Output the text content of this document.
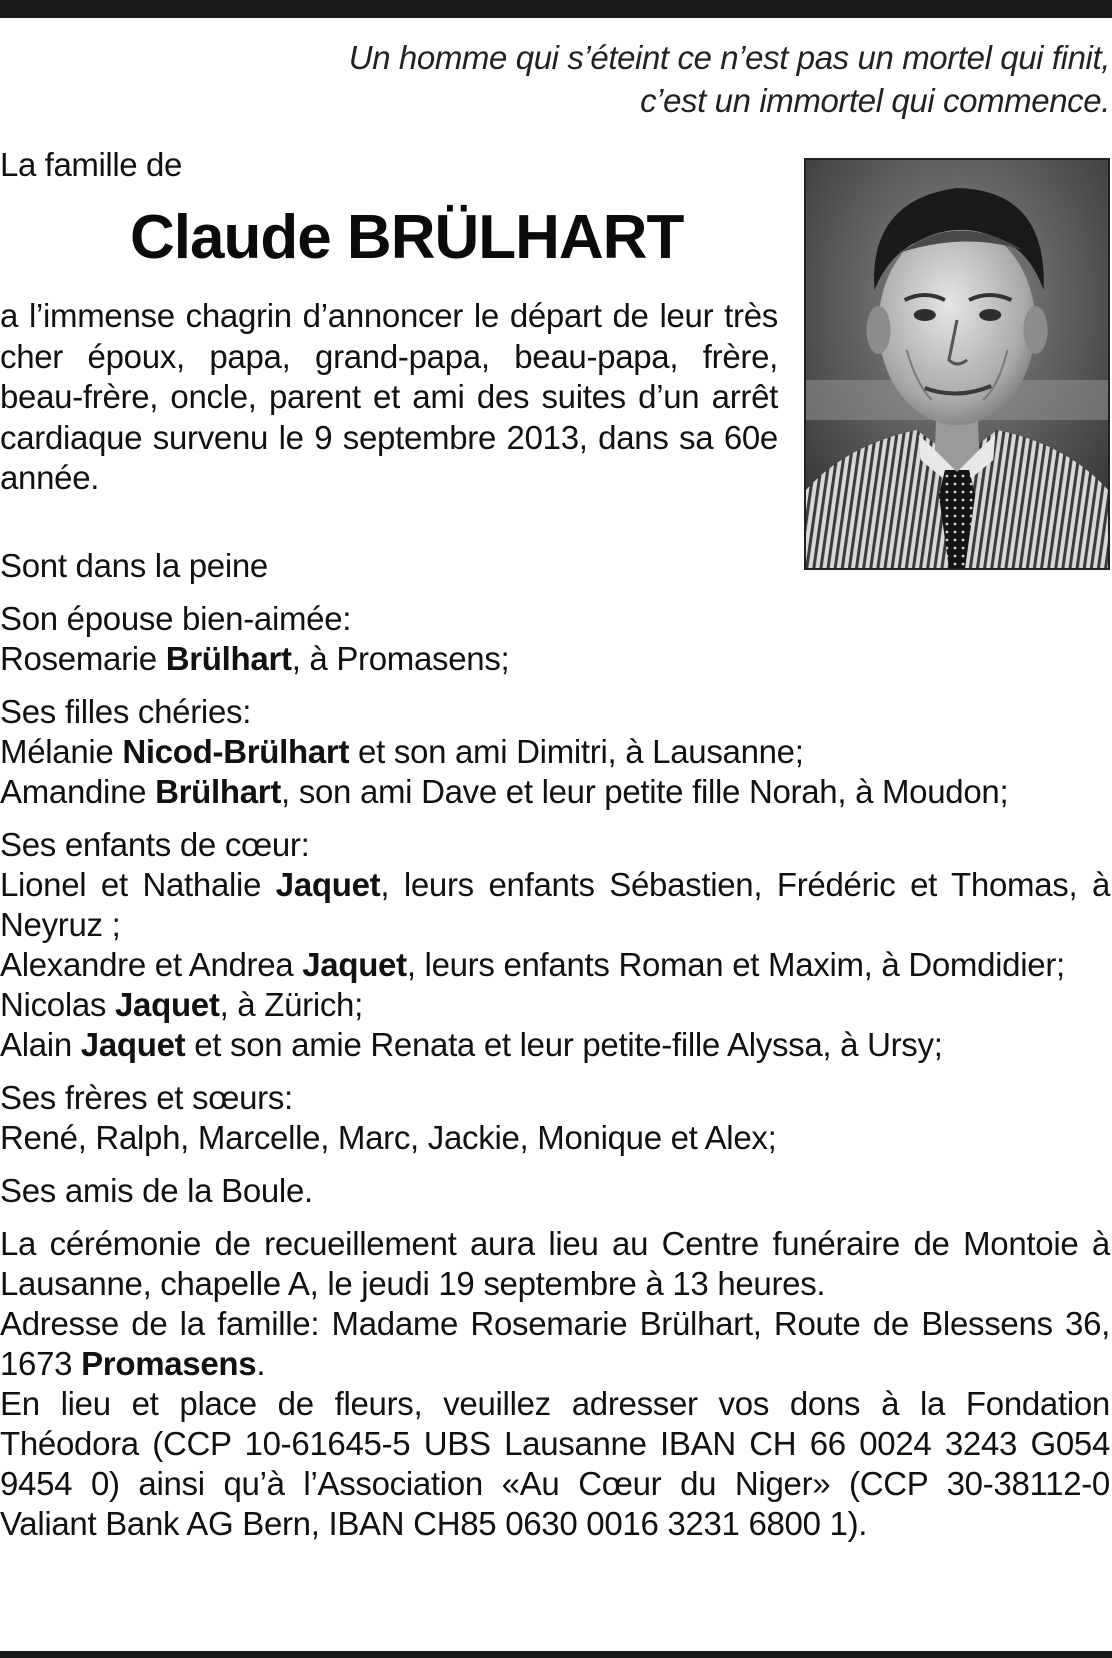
Un homme qui s’éteint ce n’est pas un mortel qui finit,
c’est un immortel qui commence.
La famille de
Claude BRÜLHART
a l’immense chagrin d’annoncer le départ de leur très cher époux, papa, grand-papa, beau-papa, frère, beau-frère, oncle, parent et ami des suites d’un arrêt cardiaque survenu le 9 septembre 2013, dans sa 60e année.

Sont dans la peine

Son épouse bien-aimée:

Rosemarie Brülhart, à Promasens;

Ses filles chéries:

Mélanie Nicod-Brülhart et son ami Dimitri, à Lausanne;

Amandine Brülhart, son ami Dave et leur petite fille Norah, à Moudon;

Ses enfants de cœur:

Lionel et Nathalie Jaquet, leurs enfants Sébastien, Frédéric et Thomas, à Neyruz ;

Alexandre et Andrea Jaquet, leurs enfants Roman et Maxim, à Domdidier;

Nicolas Jaquet, à Zürich;

Alain Jaquet et son amie Renata et leur petite-fille Alyssa, à Ursy;

Ses frères et sœurs:

René, Ralph, Marcelle, Marc, Jackie, Monique et Alex;

Ses amis de la Boule.

La cérémonie de recueillement aura lieu au Centre funéraire de Montoie à Lausanne, chapelle A, le jeudi 19 septembre à 13 heures.

Adresse de la famille: Madame Rosemarie Brülhart, Route de Blessens 36, 1673 Promasens.

En lieu et place de fleurs, veuillez adresser vos dons à la Fondation Théodora (CCP 10-61645-5 UBS Lausanne IBAN CH 66 0024 3243 G054 9454 0) ainsi qu’à l’Association «Au Cœur du Niger» (CCP 30-38112-0 Valiant Bank AG Bern, IBAN CH85 0630 0016 3231 6800 1).
